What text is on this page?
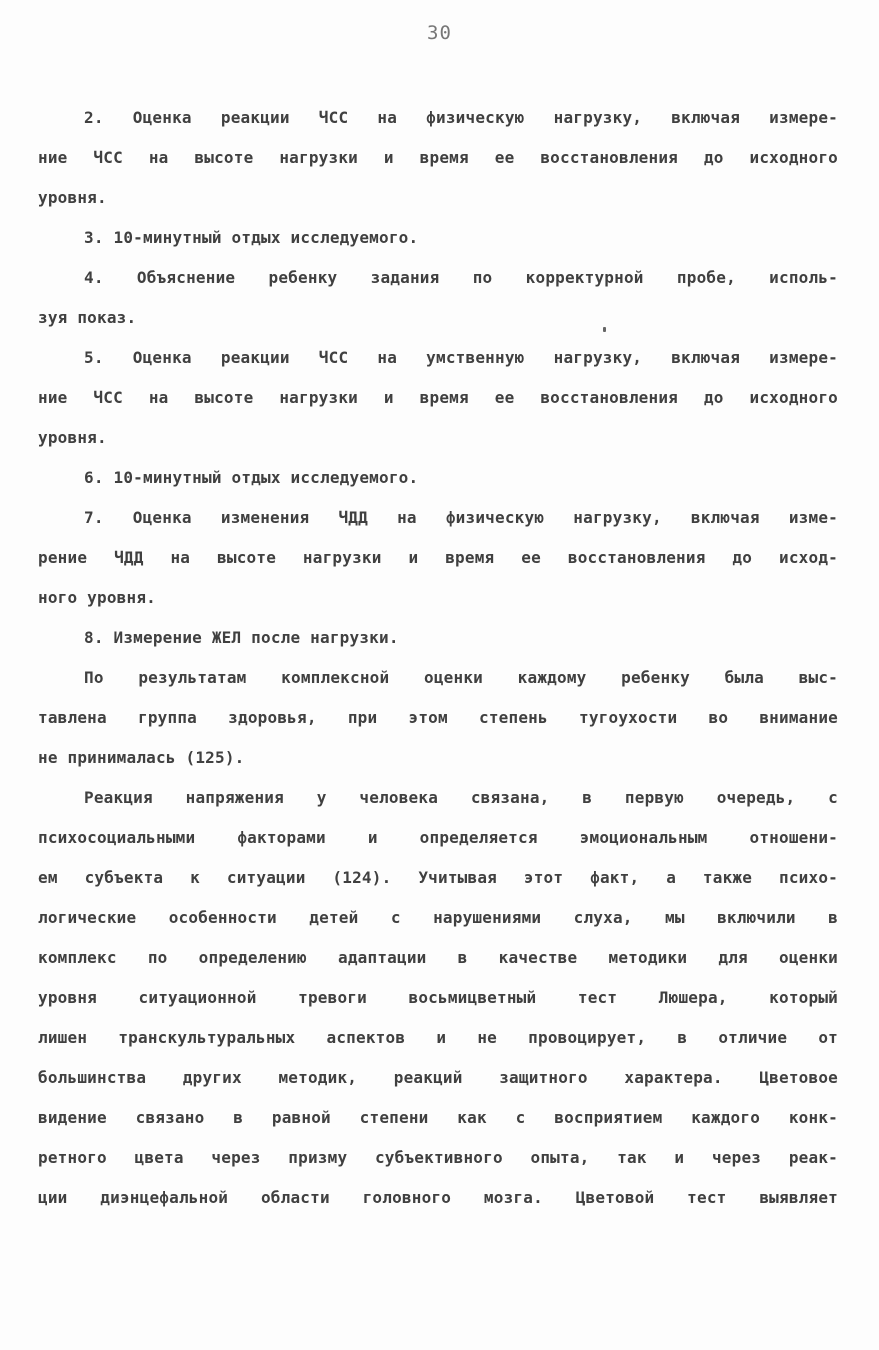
30
2. Оценка реакции ЧСС на физическую нагрузку, включая измере-
ние ЧСС на высоте нагрузки и время ее восстановления до исходного
уровня.
3. 10-минутный отдых исследуемого.
4. Объяснение ребенку задания по корректурной пробе, исполь-
зуя показ.
5. Оценка реакции ЧСС на умственную нагрузку, включая измере-
ние ЧСС на высоте нагрузки и время ее восстановления до исходного
уровня.
6. 10-минутный отдых исследуемого.
7. Оценка изменения ЧДД на физическую нагрузку, включая изме-
рение ЧДД на высоте нагрузки и время ее восстановления до исход-
ного уровня.
8. Измерение ЖЕЛ после нагрузки.
По результатам комплексной оценки каждому ребенку была выс-
тавлена группа здоровья, при этом степень тугоухости во внимание
не принималась (125).
Реакция напряжения у человека связана, в первую очередь, с
психосоциальными факторами и определяется эмоциональным отношени-
ем субъекта к ситуации (124). Учитывая этот факт, а также психо-
логические особенности детей с нарушениями слуха, мы включили в
комплекс по определению адаптации в качестве методики для оценки
уровня ситуационной тревоги восьмицветный тест Люшера, который
лишен транскультуральных аспектов и не провоцирует, в отличие от
большинства других методик, реакций защитного характера. Цветовое
видение связано в равной степени как с восприятием каждого конк-
ретного цвета через призму субъективного опыта, так и через реак-
ции диэнцефальной области головного мозга. Цветовой тест выявляет
